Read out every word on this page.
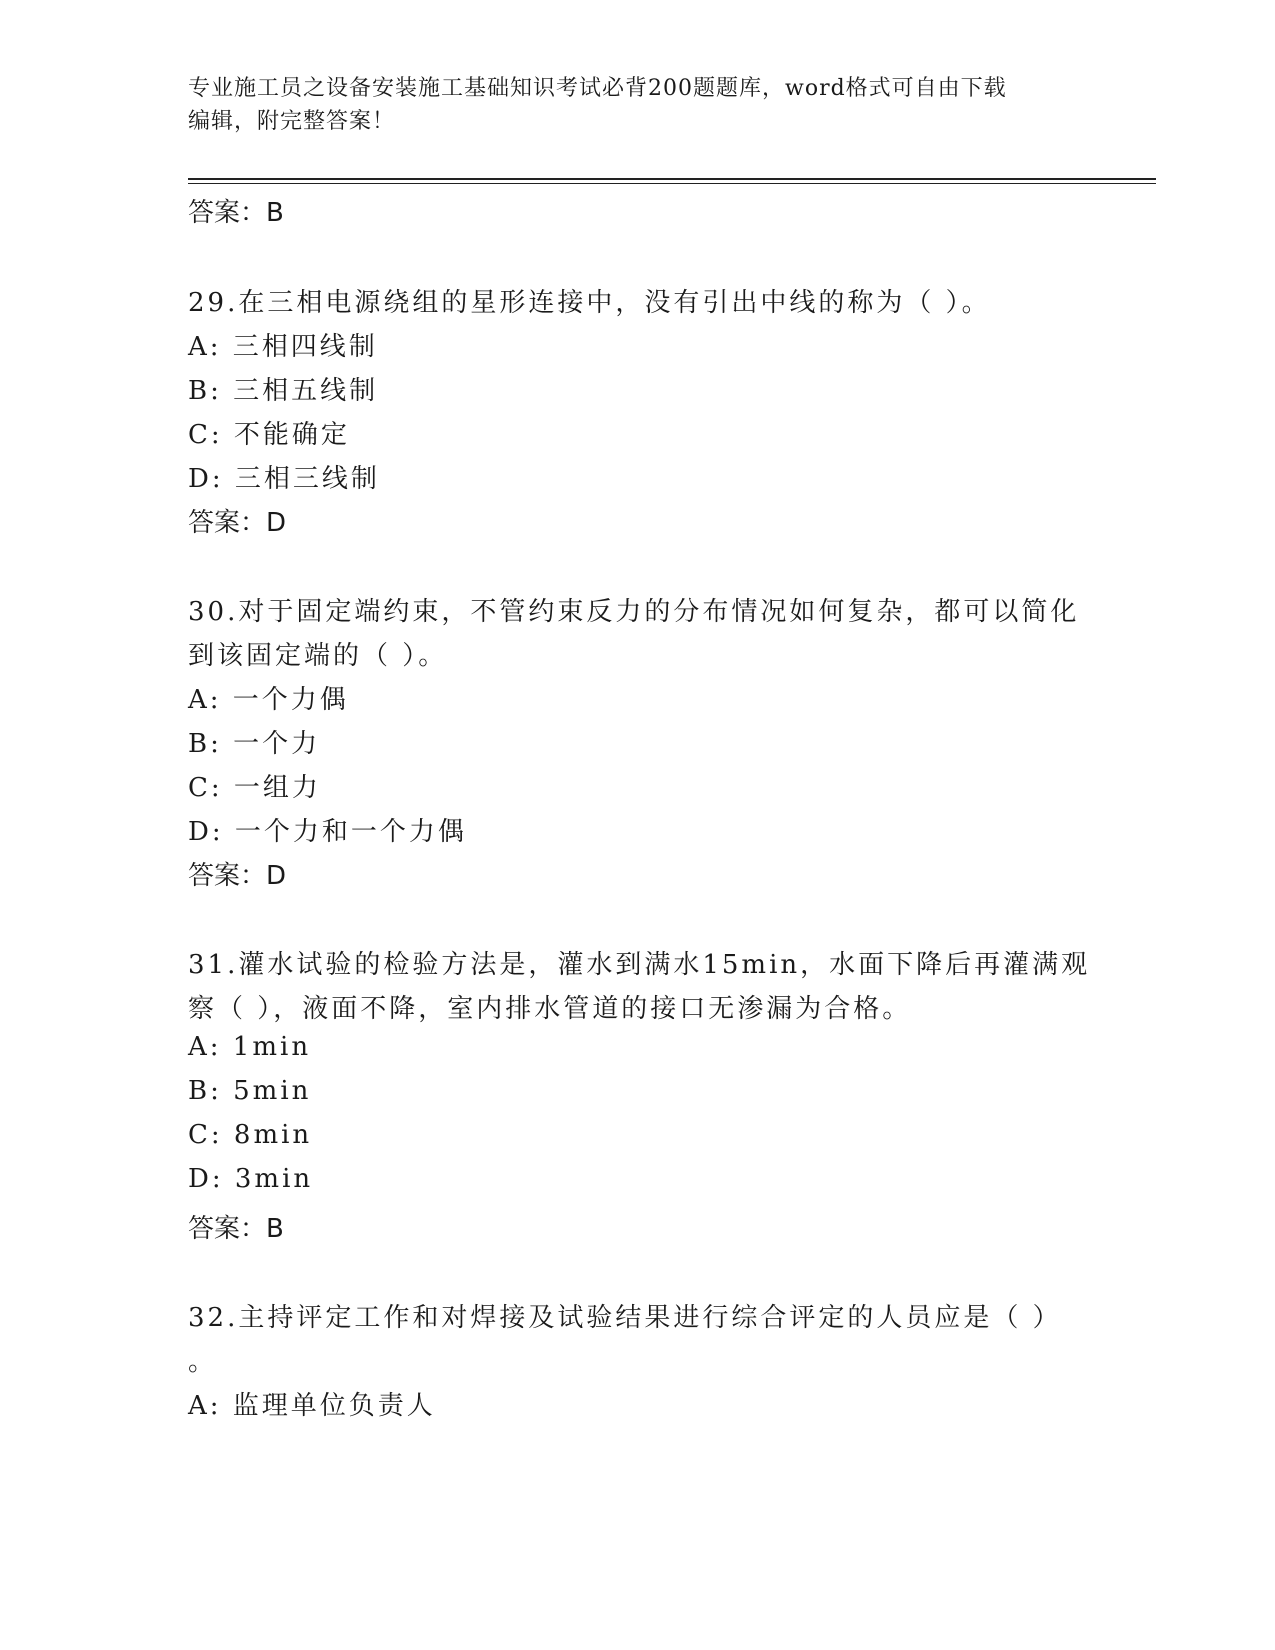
专业施工员之设备安装施工基础知识考试必背200题题库，word格式可自由下载
编辑，附完整答案！
答案：B
29.在三相电源绕组的星形连接中，没有引出中线的称为（ ）。
A: 三相四线制
B: 三相五线制
C: 不能确定
D: 三相三线制
答案：D
30.对于固定端约束，不管约束反力的分布情况如何复杂，都可以简化
到该固定端的（ ）。
A: 一个力偶
B: 一个力
C: 一组力
D: 一个力和一个力偶
答案：D
31.灌水试验的检验方法是，灌水到满水15min，水面下降后再灌满观
察（ ），液面不降，室内排水管道的接口无渗漏为合格。
A: 1min
B: 5min
C: 8min
D: 3min
答案：B
32.主持评定工作和对焊接及试验结果进行综合评定的人员应是（ ）
。
A: 监理单位负责人
